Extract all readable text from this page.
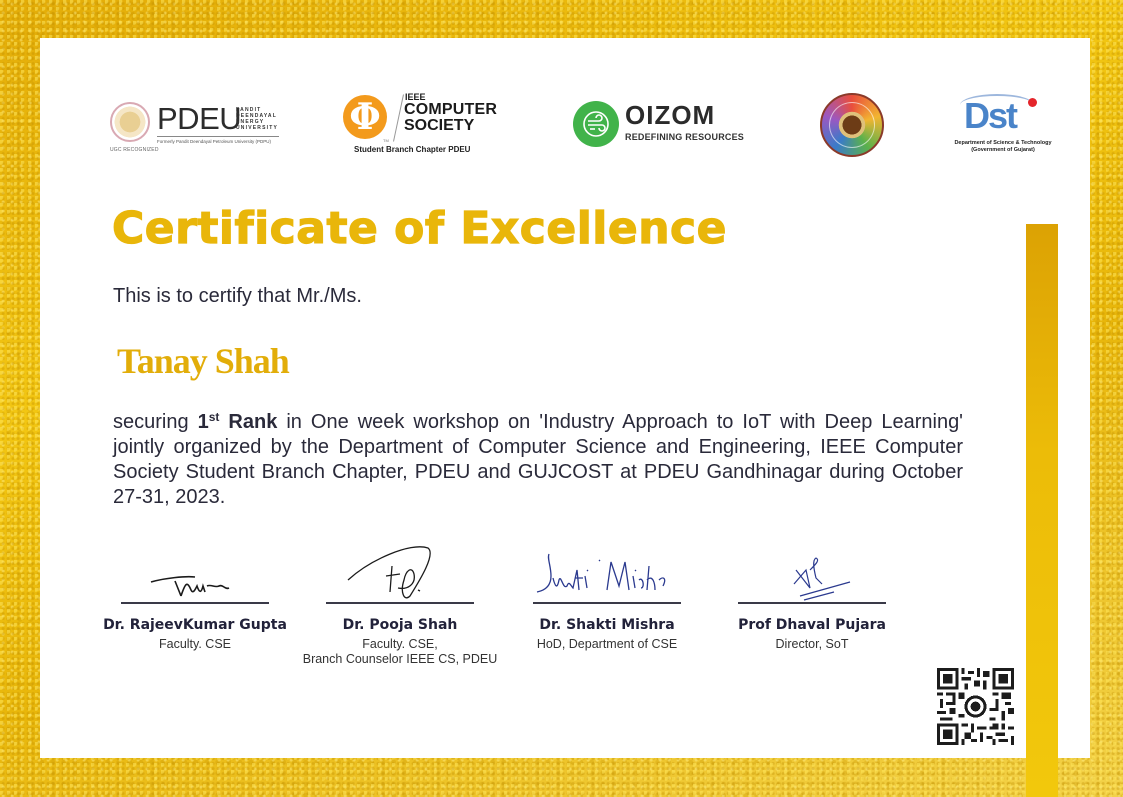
UGC RECOGNIZED
PDEU
PANDIT
DEENDAYAL
ENERGY
UNIVERSITY
Formerly Pandit Deendayal Petroleum University (PDPU)
Φ
TM
IEEE
COMPUTER
SOCIETY
Student Branch Chapter PDEU
OIZOM
REDEFINING RESOURCES
Dst
Department of Science & Technology
(Government of Gujarat)
Certificate of Excellence
This is to certify that Mr./Ms.
Tanay Shah
securing 1st Rank in One week workshop on 'Industry Approach to IoT with Deep Learning' jointly organized by the Department of Computer Science and Engineering, IEEE Computer Society Student Branch Chapter, PDEU and GUJCOST at PDEU Gandhinagar during October 27-31, 2023.
Dr. RajeevKumar Gupta
Faculty. CSE
Dr. Pooja Shah
Faculty. CSE,
Branch Counselor IEEE CS, PDEU
Dr. Shakti Mishra
HoD, Department of CSE
Prof Dhaval Pujara
Director, SoT
